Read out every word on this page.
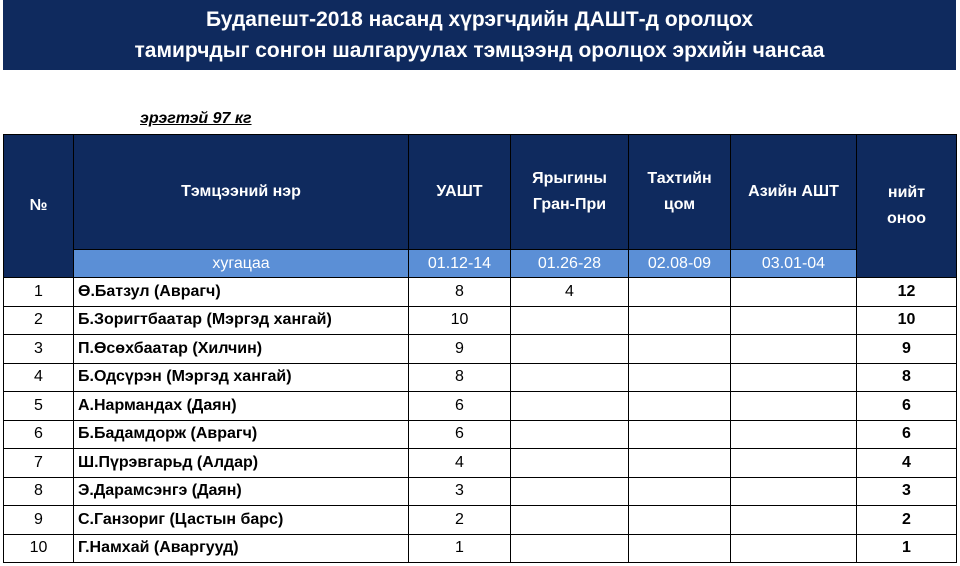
Будапешт-2018 насанд хүрэгчдийн ДАШТ-д оролцох
тамирчдыг сонгон шалгаруулах тэмцээнд оролцох эрхийн чансаа
эрэгтэй 97 кг
№	Тэмцээний нэр	УАШТ	Ярыгины Гран-При	Тахтийн цом	Азийн АШТ	нийт оноо
	хугацаа	01.12-14	01.26-28	02.08-09	03.01-04	
1	Ө.Батзул (Аврагч)	8	4			12
2	Б.Зоригтбаатар (Мэргэд хангай)	10				10
3	П.Өсөхбаатар (Хилчин)	9				9
4	Б.Одсүрэн (Мэргэд хангай)	8				8
5	А.Нармандах (Даян)	6				6
6	Б.Бадамдорж (Аврагч)	6				6
7	Ш.Пүрэвгарьд (Алдар)	4				4
8	Э.Дарамсэнгэ (Даян)	3				3
9	С.Ганзориг (Цастын барс)	2				2
10	Г.Намхай (Аваргууд)	1				1
